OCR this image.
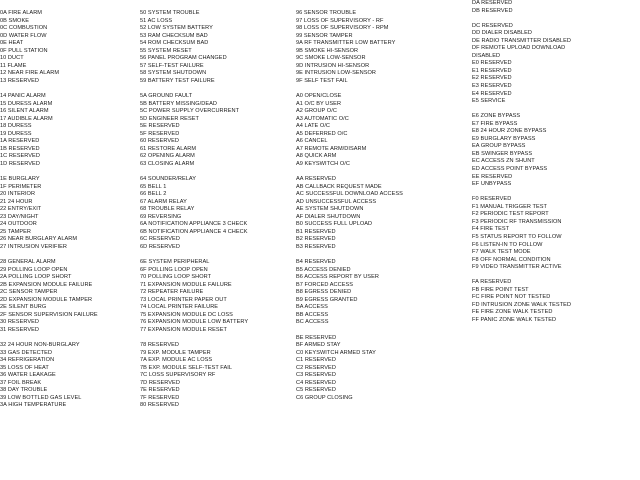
0A FIRE ALARM
0B SMOKE
0C COMBUSTION
0D WATER FLOW
0E HEAT
0F PULL STATION
10 DUCT
11 FLAME
12 NEAR FIRE ALARM
13 RESERVED
14 PANIC ALARM
15 DURESS ALARM
16 SILENT ALARM
17 AUDIBLE ALARM
18 DURESS
19 DURESS
1A RESERVED
1B RESERVED
1C RESERVED
1D RESERVED
1E BURGLARY
1F PERIMETER
20 INTERIOR
21 24 HOUR
22 ENTRY/EXIT
23 DAY/NIGHT
24 OUTDOOR
25 TAMPER
26 NEAR BURGLARY ALARM
27 INTRUSION VERIFIER
28 GENERAL ALARM
29 POLLING LOOP OPEN
2A POLLING LOOP SHORT
2B EXPANSION MODULE FAILURE
2C SENSOR TAMPER
2D EXPANSION MODULE TAMPER
2E SILENT BURG
2F SENSOR SUPERVISION FAILURE
30 RESERVED
31 RESERVED
32 24 HOUR NON-BURGLARY
33 GAS DETECTED
34 REFRIGERATION
35 LOSS OF HEAT
36 WATER LEAKAGE
37 FOIL BREAK
38 DAY TROUBLE
39 LOW BOTTLED GAS LEVEL
3A HIGH TEMPERATURE
50 SYSTEM TROUBLE
51 AC LOSS
52 LOW SYSTEM BATTERY
53 RAM CHECKSUM BAD
54 ROM CHECKSUM BAD
55 SYSTEM RESET
56 PANEL PROGRAM CHANGED
57 SELF-TEST FAILURE
58 SYSTEM SHUTDOWN
59 BATTERY TEST FAILURE
5A GROUND FAULT
5B BATTERY MISSING/DEAD
5C POWER SUPPLY OVERCURRENT
5D ENGINEER RESET
5E RESERVED
5F RESERVED
60 RESERVED
61 RESTORE ALARM
62 OPENING ALARM
63 CLOSING ALARM
64 SOUNDER/RELAY
65 BELL 1
66 BELL 2
67 ALARM RELAY
68 TROUBLE RELAY
69 REVERSING
6A NOTIFICATION APPLIANCE 3 CHECK
6B NOTIFICATION APPLIANCE 4 CHECK
6C RESERVED
6D RESERVED
6E SYSTEM PERIPHERAL
6F POLLING LOOP OPEN
70 POLLING LOOP SHORT
71 EXPANSION MODULE FAILURE
72 REPEATER FAILURE
73 LOCAL PRINTER PAPER OUT
74 LOCAL PRINTER FAILURE
75 EXPANSION MODULE DC LOSS
76 EXPANSION MODULE LOW BATTERY
77 EXPANSION MODULE RESET
78 RESERVED
79 EXP. MODULE TAMPER
7A EXP. MODULE AC LOSS
7B EXP. MODULE SELF-TEST FAIL
7C LOSS SUPERVISORY RF
7D RESERVED
7E RESERVED
7F RESERVED
80 RESERVED
96 SENSOR TROUBLE
97 LOSS OF SUPERVISORY - RF
98 LOSS OF SUPERVISORY - RPM
99 SENSOR TAMPER
9A RF TRANSMITTER LOW BATTERY
9B SMOKE HI-SENSOR
9C SMOKE LOW-SENSOR
9D INTRUSION HI-SENSOR
9E INTRUSION LOW-SENSOR
9F SELF TEST FAIL
A0 OPEN/CLOSE
A1 O/C BY USER
A2 GROUP O/C
A3 AUTOMATIC O/C
A4 LATE O/C
A5 DEFERRED O/C
A6 CANCEL
A7 REMOTE ARM/DISARM
A8 QUICK ARM
A9 KEYSWITCH O/C
AA RESERVED
AB CALLBACK REQUEST MADE
AC SUCCESSFUL DOWNLOAD ACCESS
AD UNSUCCESSFUL ACCESS
AE SYSTEM SHUTDOWN
AF DIALER SHUTDOWN
B0 SUCCESS FULL UPLOAD
B1 RESERVED
B2 RESERVED
B3 RESERVED
B4 RESERVED
B5 ACCESS DENIED
B6 ACCESS REPORT BY USER
B7 FORCED ACCESS
B8 EGRESS DENIED
B9 EGRESS GRANTED
BA ACCESS
BB ACCESS
BC ACCESS
BE RESERVED
BF ARMED STAY
C0 KEYSWITCH ARMED STAY
C1 RESERVED
C2 RESERVED
C3 RESERVED
C4 RESERVED
C5 RESERVED
C6 GROUP CLOSING
DA RESERVED
DB RESERVED
DC RESERVED
DD DIALER DISABLED
DE RADIO TRANSMITTER DISABLED
DF REMOTE UPLOAD DOWNLOAD
DISABLED
E0 RESERVED
E1 RESERVED
E2 RESERVED
E3 RESERVED
E4 RESERVED
E5 SERVICE
E6 ZONE BYPASS
E7 FIRE BYPASS
E8 24 HOUR ZONE BYPASS
E9 BURGLARY BYPASS
EA GROUP BYPASS
EB SWINGER BYPASS
EC ACCESS ZN SHUNT
ED ACCESS POINT BYPASS
EE RESERVED
EF UNBYPASS
F0 RESERVED
F1 MANUAL TRIGGER TEST
F2 PERIODIC TEST REPORT
F3 PERIODIC RF TRANSMISSION
F4 FIRE TEST
F5 STATUS REPORT TO FOLLOW
F6 LISTEN-IN TO FOLLOW
F7 WALK TEST MODE
F8 OFF NORMAL CONDITION
F9 VIDEO TRANSMITTER ACTIVE
FA RESERVED
FB FIRE POINT TEST
FC FIRE POINT NOT TESTED
FD INTRUSION ZONE WALK TESTED
FE FIRE ZONE WALK TESTED
FF PANIC ZONE WALK TESTED
